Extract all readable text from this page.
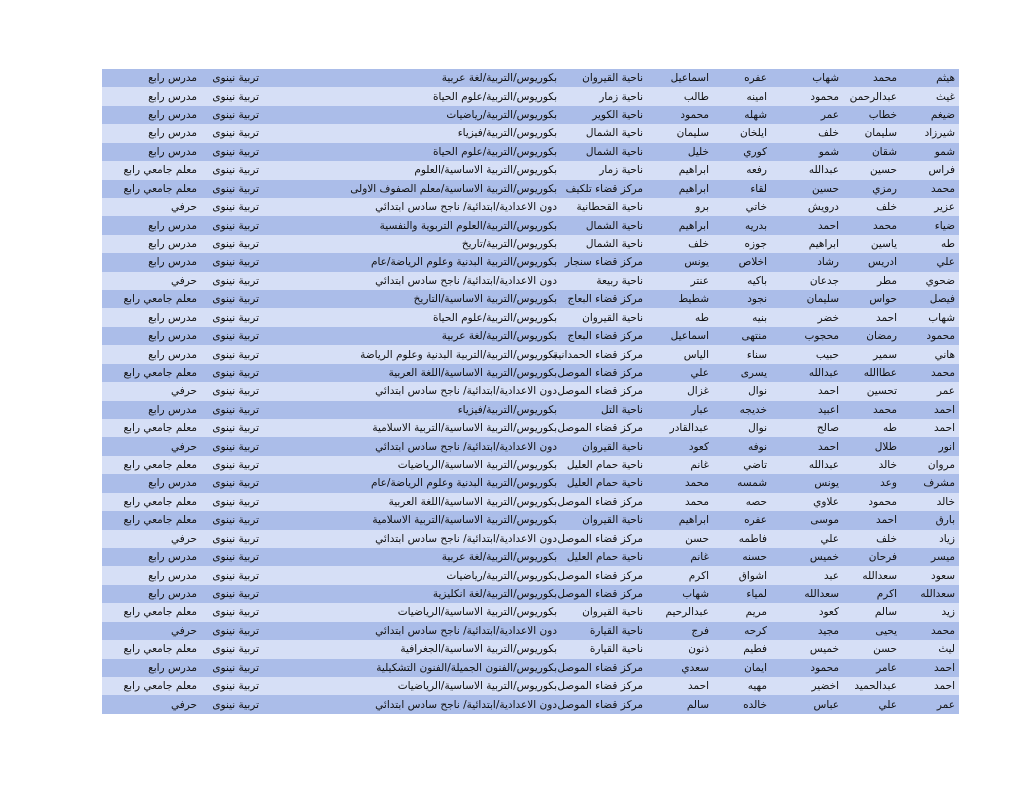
هيثم
محمد
شهاب
عفره
اسماعيل
ناحية القيروان
بكوريوس/التربية/لغة عربية
تربية نينوى
مدرس رابع
غيث
عبدالرحمن
محمود
امينه
طالب
ناحية زمار
بكوريوس/التربية/علوم الحياة
تربية نينوى
مدرس رابع
ضيغم
خطاب
عمر
شهله
محمود
ناحية الكوير
بكوريوس/التربية/رياضيات
تربية نينوى
مدرس رابع
شيرزاد
سليمان
خلف
ايلخان
سليمان
ناحية الشمال
بكوريوس/التربية/فيزياء
تربية نينوى
مدرس رابع
شمو
شقان
شمو
كوري
خليل
ناحية الشمال
بكوريوس/التربية/علوم الحياة
تربية نينوى
مدرس رابع
فراس
حسين
عبدالله
رفعه
ابراهيم
ناحية زمار
بكوريوس/التربية الاساسية/العلوم
تربية نينوى
معلم جامعي رابع
محمد
رمزي
حسين
لقاء
ابراهيم
مركز قضاء تلكيف
بكوريوس/التربية الاساسية/معلم الصفوف الاولى
تربية نينوى
معلم جامعي رابع
عزير
خلف
درويش
خاتي
برو
ناحية القحطانية
دون الاعدادية/ابتدائية/ ناجح سادس ابتدائي
تربية نينوى
حرفي
ضياء
محمد
احمد
بدريه
ابراهيم
ناحية الشمال
بكوريوس/التربية/العلوم التربوية والنفسية
تربية نينوى
مدرس رابع
طه
ياسين
ابراهيم
جوزه
خلف
ناحية الشمال
بكوريوس/التربية/تاريخ
تربية نينوى
مدرس رابع
علي
ادريس
رشاد
اخلاص
يونس
مركز قضاء سنجار
بكوريوس/التربية البدنية وعلوم الرياضة/عام
تربية نينوى
مدرس رابع
ضحوي
مطر
جدعان
باكيه
عنتر
ناحية ربيعة
دون الاعدادية/ابتدائية/ ناجح سادس ابتدائي
تربية نينوى
حرفي
فيصل
حواس
سليمان
نجود
شطيط
مركز قضاء البعاج
بكوريوس/التربية الاساسية/التاريخ
تربية نينوى
معلم جامعي رابع
شهاب
احمد
خضر
بنيه
طه
ناحية القيروان
بكوريوس/التربية/علوم الحياة
تربية نينوى
مدرس رابع
محمود
رمضان
محجوب
منتهى
اسماعيل
مركز قضاء البعاج
بكوريوس/التربية/لغة عربية
تربية نينوى
مدرس رابع
هاني
سمير
حبيب
سناء
الياس
مركز قضاء الحمدانية
بكوريوس/التربية/التربية البدنية وعلوم الرياضة
تربية نينوى
مدرس رابع
محمد
عطاالله
عبدالله
يسرى
علي
مركز قضاء الموصل
بكوريوس/التربية الاساسية/اللغة العربية
تربية نينوى
معلم جامعي رابع
عمر
تحسين
احمد
نوال
غزال
مركز قضاء الموصل
دون الاعدادية/ابتدائية/ ناجح سادس ابتدائي
تربية نينوى
حرفي
احمد
محمد
اعبيد
خديجه
عبار
ناحية التل
بكوريوس/التربية/فيزياء
تربية نينوى
مدرس رابع
احمد
طه
صالح
نوال
عبدالقادر
مركز قضاء الموصل
بكوريوس/التربية الاساسية/التربية الاسلامية
تربية نينوى
معلم جامعي رابع
انور
طلال
احمد
نوفه
كعود
ناحية القيروان
دون الاعدادية/ابتدائية/ ناجح سادس ابتدائي
تربية نينوى
حرفي
مروان
خالد
عبدالله
تاضي
غانم
ناحية حمام العليل
بكوريوس/التربية الاساسية/الرياضيات
تربية نينوى
معلم جامعي رابع
مشرف
وعد
يونس
شمسه
محمد
ناحية حمام العليل
بكوريوس/التربية البدنية وعلوم الرياضة/عام
تربية نينوى
مدرس رابع
خالد
محمود
علاوي
حصه
محمد
مركز قضاء الموصل
بكوريوس/التربية الاساسية/اللغة العربية
تربية نينوى
معلم جامعي رابع
بارق
احمد
موسى
عفره
ابراهيم
ناحية القيروان
بكوريوس/التربية الاساسية/التربية الاسلامية
تربية نينوى
معلم جامعي رابع
زياد
خلف
علي
فاطمه
حسن
مركز قضاء الموصل
دون الاعدادية/ابتدائية/ ناجح سادس ابتدائي
تربية نينوى
حرفي
ميسر
فرحان
خميس
حسنه
غانم
ناحية حمام العليل
بكوريوس/التربية/لغة عربية
تربية نينوى
مدرس رابع
سعود
سعدالله
عبد
اشواق
اكرم
مركز قضاء الموصل
بكوريوس/التربية/رياضيات
تربية نينوى
مدرس رابع
سعدالله
اكرم
سعدالله
لمياء
شهاب
مركز قضاء الموصل
بكوريوس/التربية/لغة انكليزية
تربية نينوى
مدرس رابع
زيد
سالم
كعود
مريم
عبدالرحيم
ناحية القيروان
بكوريوس/التربية الاساسية/الرياضيات
تربية نينوى
معلم جامعي رابع
محمد
يحيى
مجيد
كرحه
فرج
ناحية القيارة
دون الاعدادية/ابتدائية/ ناجح سادس ابتدائي
تربية نينوى
حرفي
ليث
حسن
خميس
فطيم
ذنون
ناحية القيارة
بكوريوس/التربية الاساسية/الجغرافية
تربية نينوى
معلم جامعي رابع
احمد
عامر
محمود
ايمان
سعدي
مركز قضاء الموصل
بكوريوس/الفنون الجميلة/الفنون التشكيلية
تربية نينوى
مدرس رابع
احمد
عبدالحميد
اخضير
مهيه
احمد
مركز قضاء الموصل
بكوريوس/التربية الاساسية/الرياضيات
تربية نينوى
معلم جامعي رابع
عمر
علي
عباس
خالده
سالم
مركز قضاء الموصل
دون الاعدادية/ابتدائية/ ناجح سادس ابتدائي
تربية نينوى
حرفي
